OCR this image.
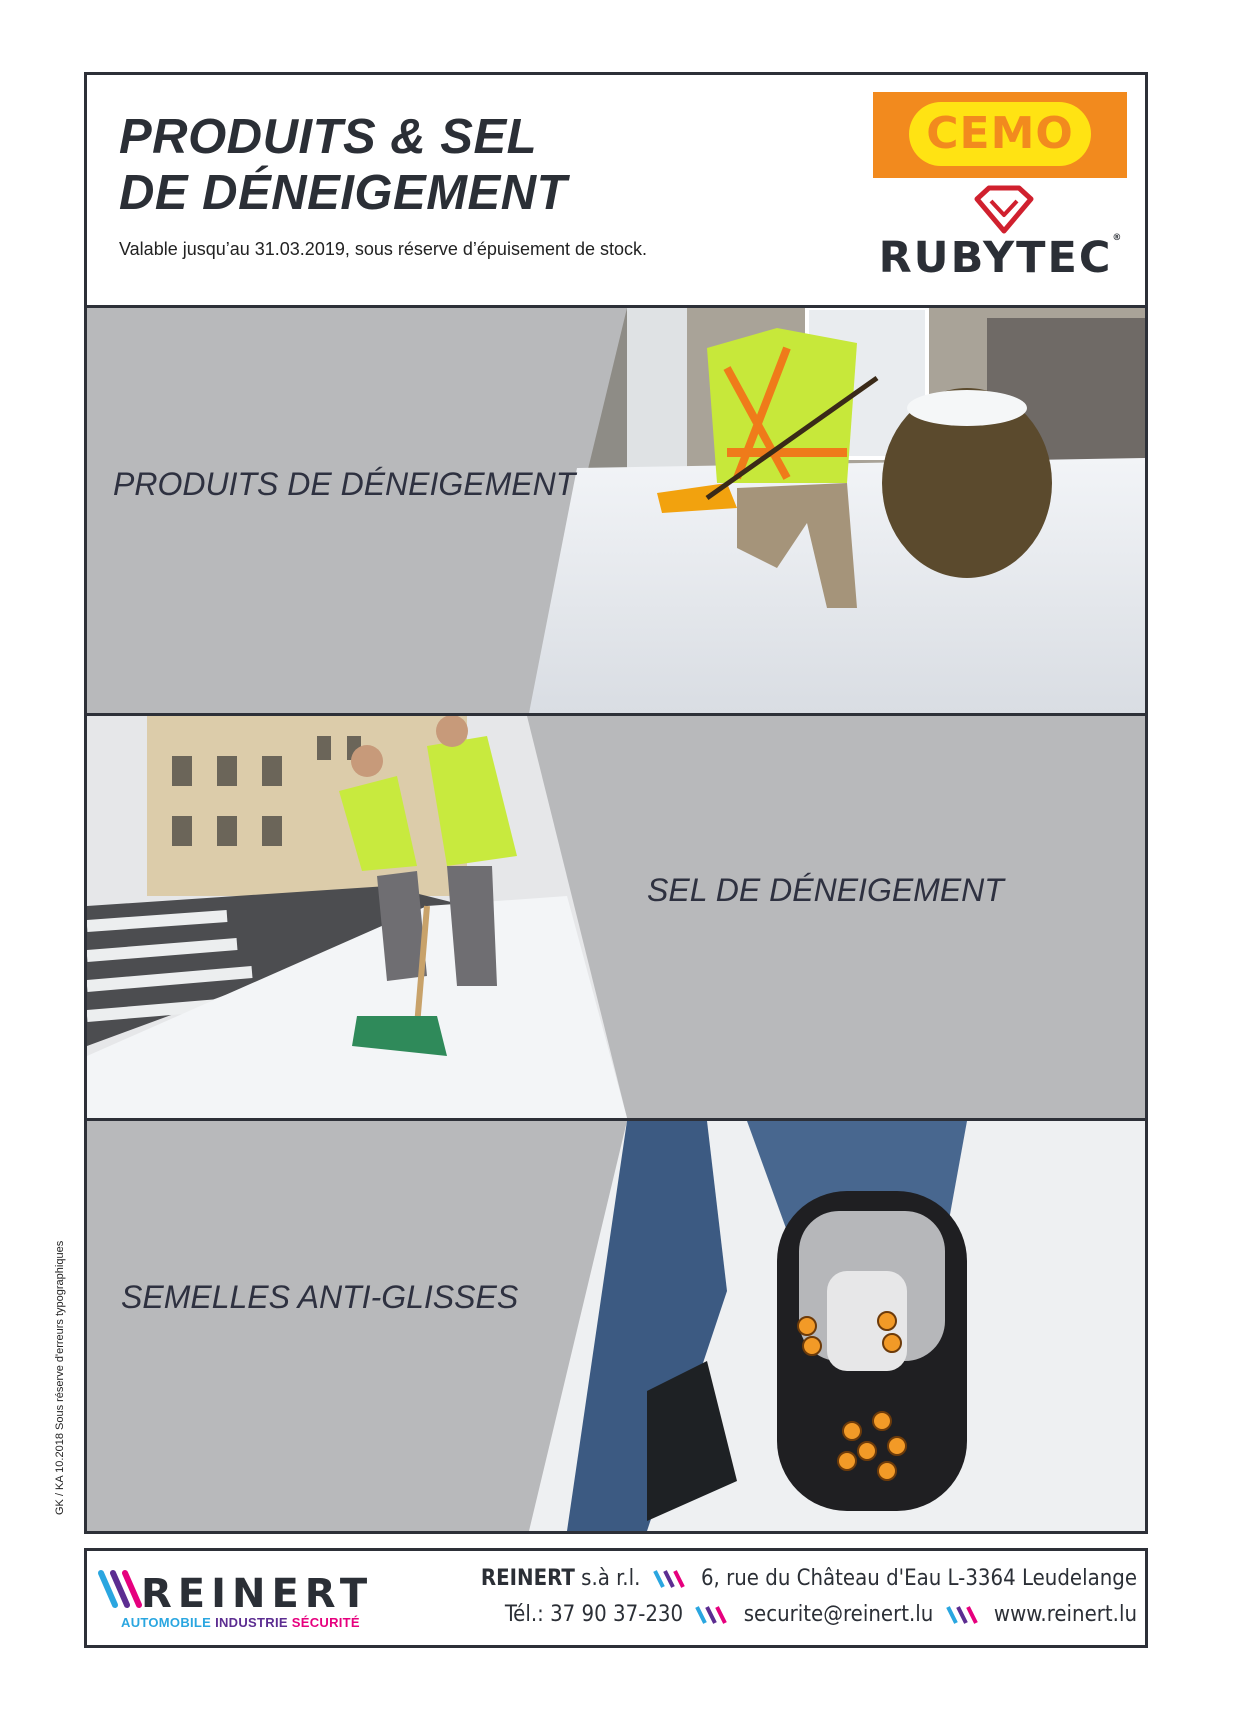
GK / KA 10.2018 Sous réserve d'erreurs typographiques
PRODUITS & SEL
DE DÉNEIGEMENT
Valable jusqu’au 31.03.2019, sous réserve d’épuisement de stock.
CEMO
RUBYTEC®
PRODUITS DE DÉNEIGEMENT
SEL DE DÉNEIGEMENT
SEMELLES ANTI-GLISSES
REINERT
AUTOMOBILE INDUSTRIE SÉCURITÉ
REINERT s.à r.l.	6, rue du Château d'Eau L-3364 Leudelange
Tél.: 37 90 37-230	securite@reinert.lu	www.reinert.lu
